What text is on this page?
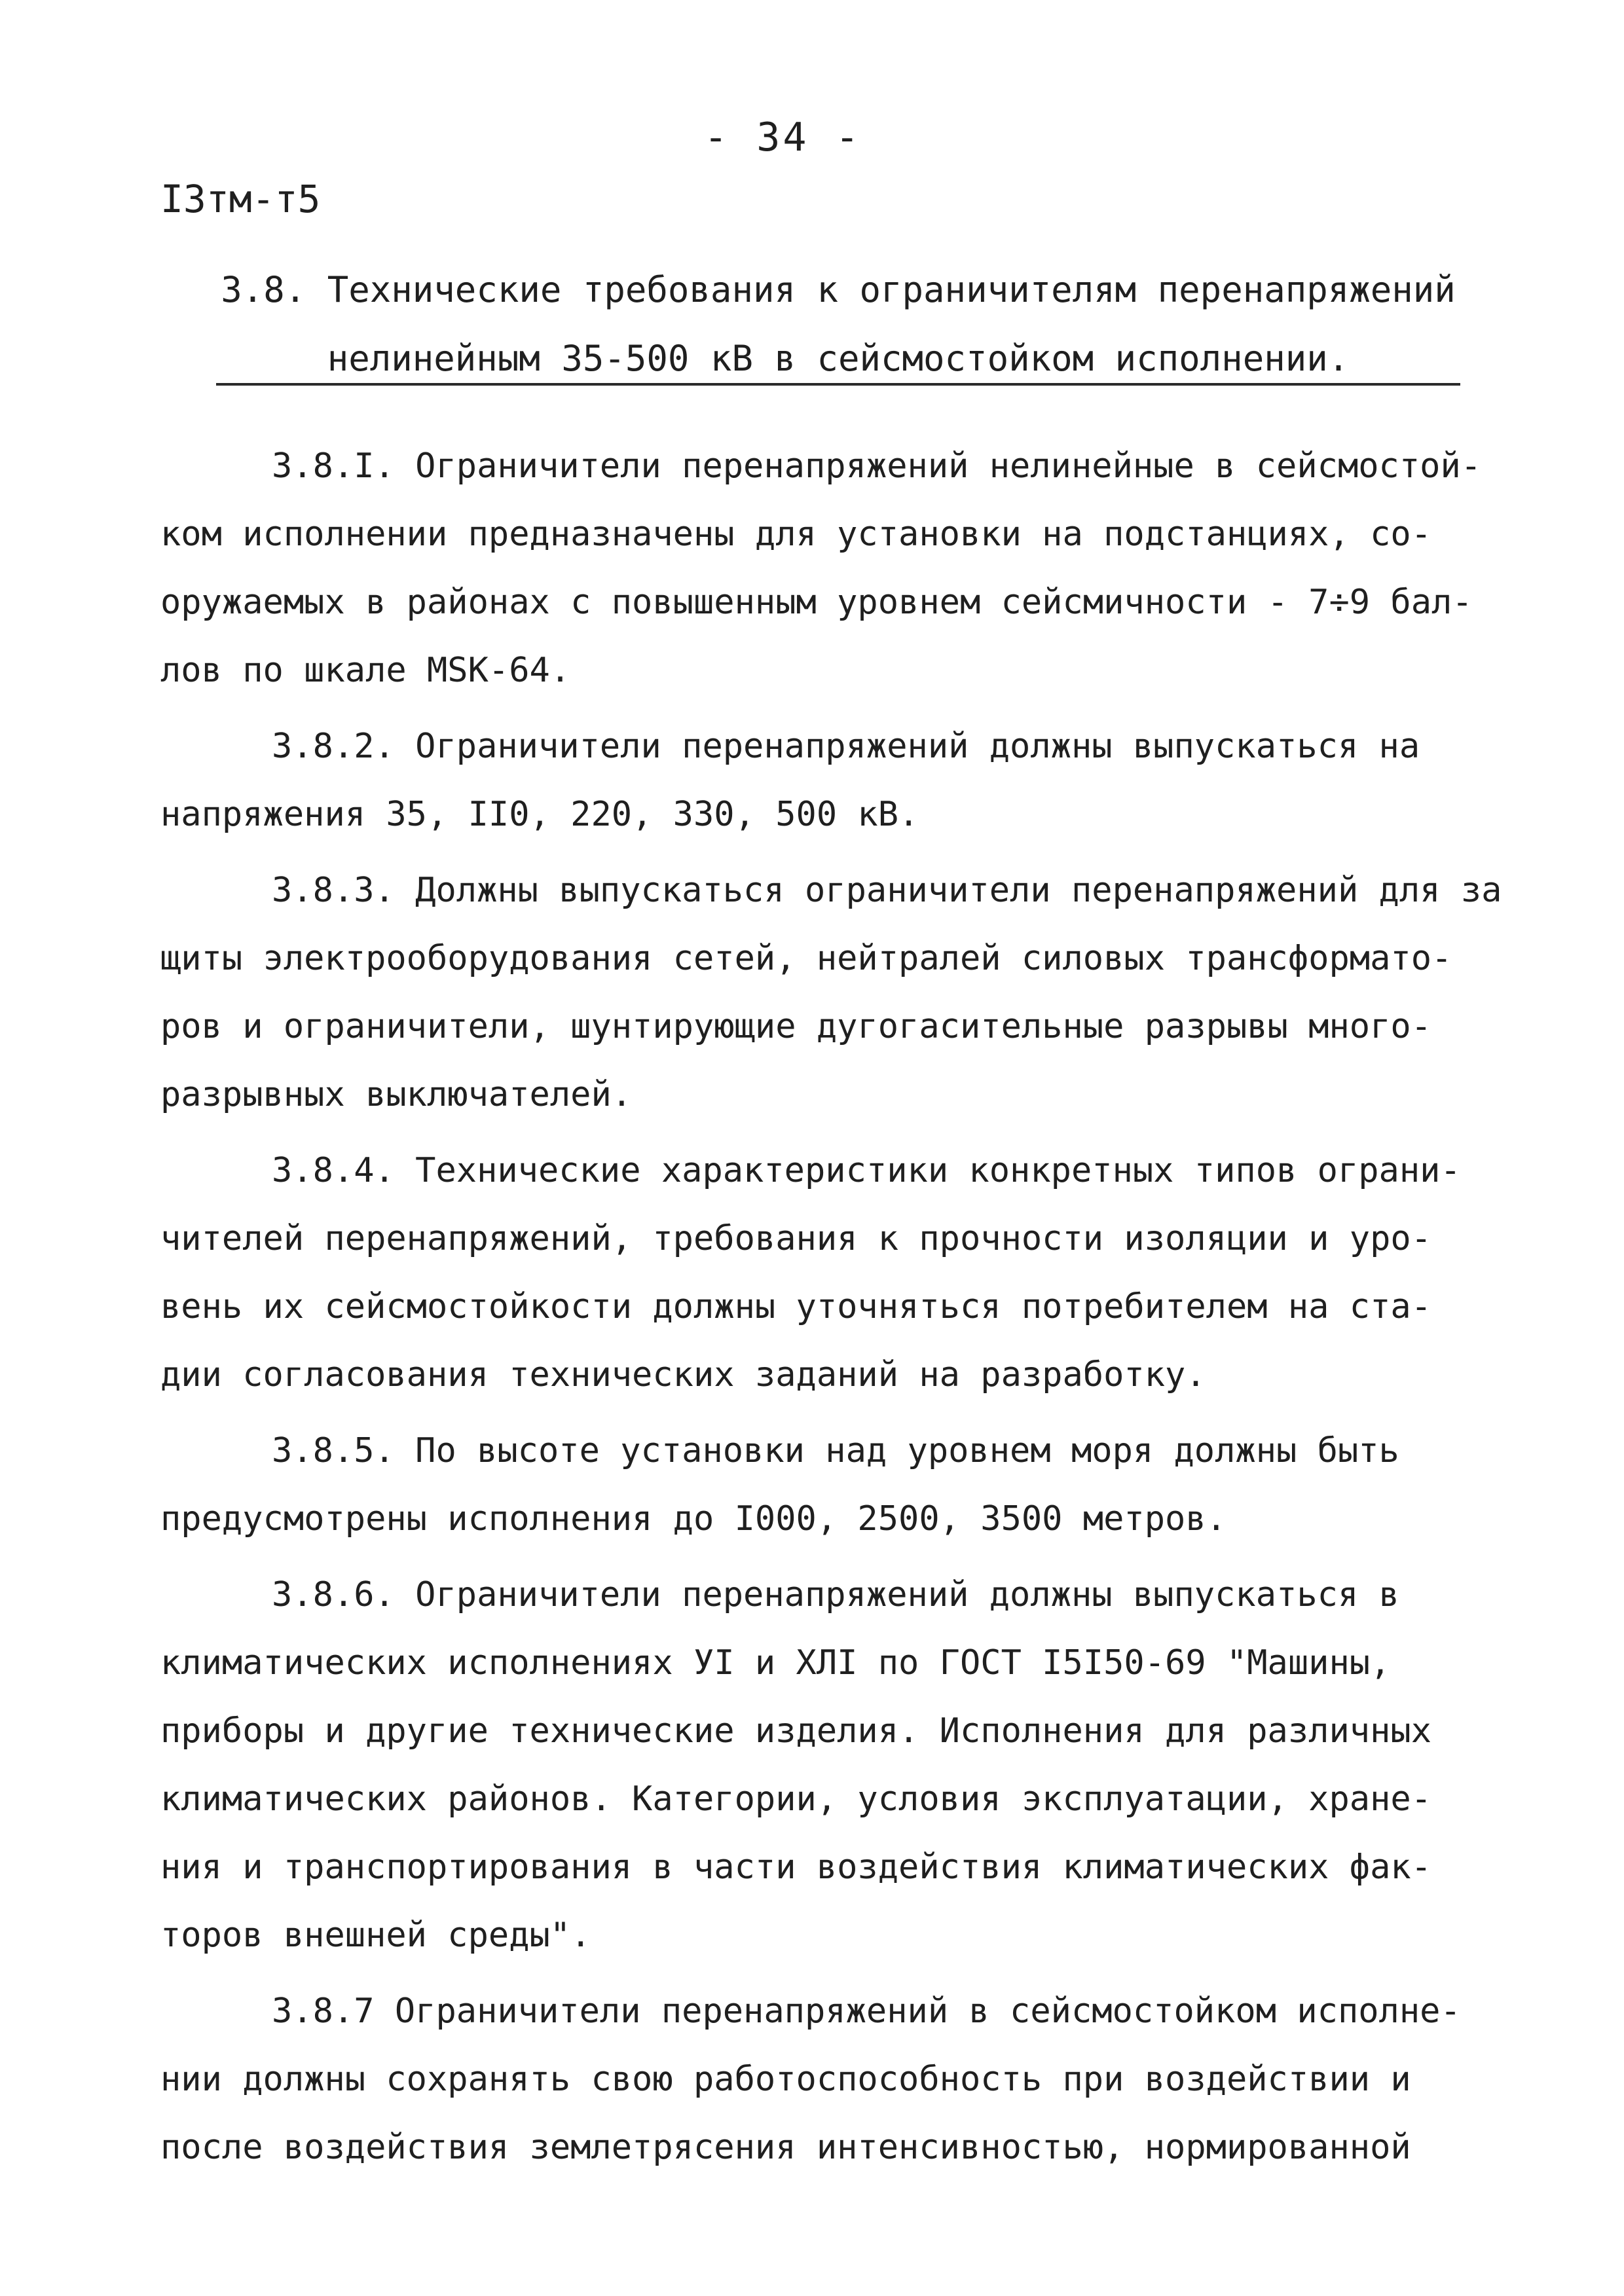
- 34 -
I3тм-т5
3.8. Технические требования к ограничителям перенапряжений
нелинейным 35-500 кВ в сейсмостойком исполнении.

3.8.I. Ограничители перенапряжений нелинейные в сейсмостой-
ком исполнении предназначены для установки на подстанциях, со-
оружаемых в районах с повышенным уровнем сейсмичности - 7÷9 бал-
лов по шкале MSK-64.

3.8.2. Ограничители перенапряжений должны выпускаться на
напряжения 35, II0, 220, 330, 500 кВ.

3.8.3. Должны выпускаться ограничители перенапряжений для за
щиты электрооборудования сетей, нейтралей силовых трансформато-
ров и ограничители, шунтирующие дугогасительные разрывы много-
разрывных выключателей.

3.8.4. Технические характеристики конкретных типов ограни-
чителей перенапряжений, требования к прочности изоляции и уро-
вень их сейсмостойкости должны уточняться потребителем на ста-
дии согласования технических заданий на разработку.

3.8.5. По высоте установки над уровнем моря должны быть
предусмотрены исполнения до I000, 2500, 3500 метров.

3.8.6. Ограничители перенапряжений должны выпускаться в
климатических исполнениях УI и ХЛI по ГОСТ I5I50-69 "Машины,
приборы и другие технические изделия. Исполнения для различных
климатических районов. Категории, условия эксплуатации, хране-
ния и транспортирования в части воздействия климатических фак-
торов внешней среды".

3.8.7 Ограничители перенапряжений в сейсмостойком исполне-
нии должны сохранять свою работоспособность при воздействии и
после воздействия землетрясения интенсивностью, нормированной
